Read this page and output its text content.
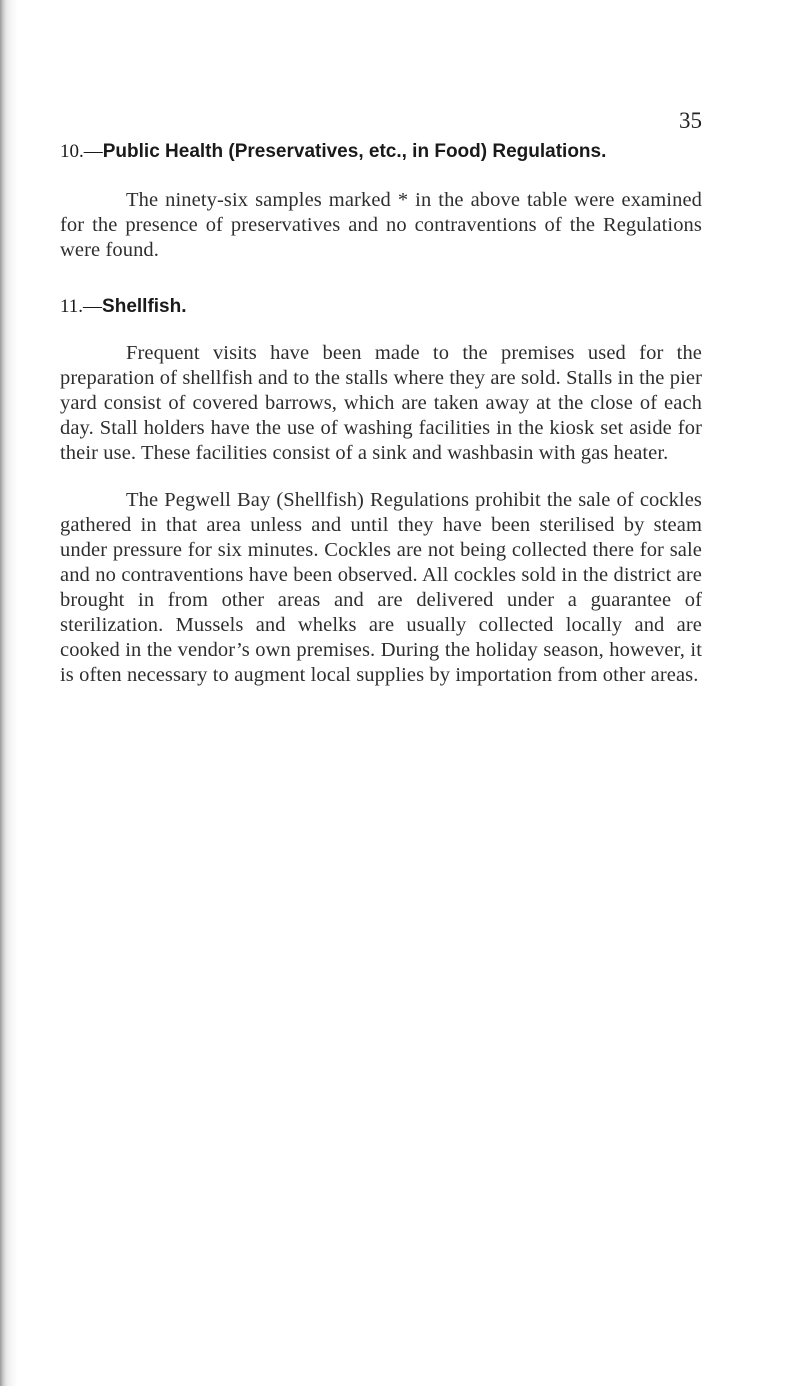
35
10.—Public Health (Preservatives, etc., in Food) Regulations.

The ninety-six samples marked * in the above table were examined for the presence of preservatives and no contraventions of the Regulations were found.

11.—Shellfish.

Frequent visits have been made to the premises used for the preparation of shellfish and to the stalls where they are sold. Stalls in the pier yard consist of covered barrows, which are taken away at the close of each day. Stall holders have the use of washing facilities in the kiosk set aside for their use. These facilities consist of a sink and washbasin with gas heater.

The Pegwell Bay (Shellfish) Regulations prohibit the sale of cockles gathered in that area unless and until they have been sterilised by steam under pressure for six minutes. Cockles are not being collected there for sale and no contraventions have been observed. All cockles sold in the district are brought in from other areas and are delivered under a guarantee of sterilization. Mussels and whelks are usually collected locally and are cooked in the vendor’s own premises. During the holiday season, however, it is often necessary to augment local supplies by importation from other areas.
